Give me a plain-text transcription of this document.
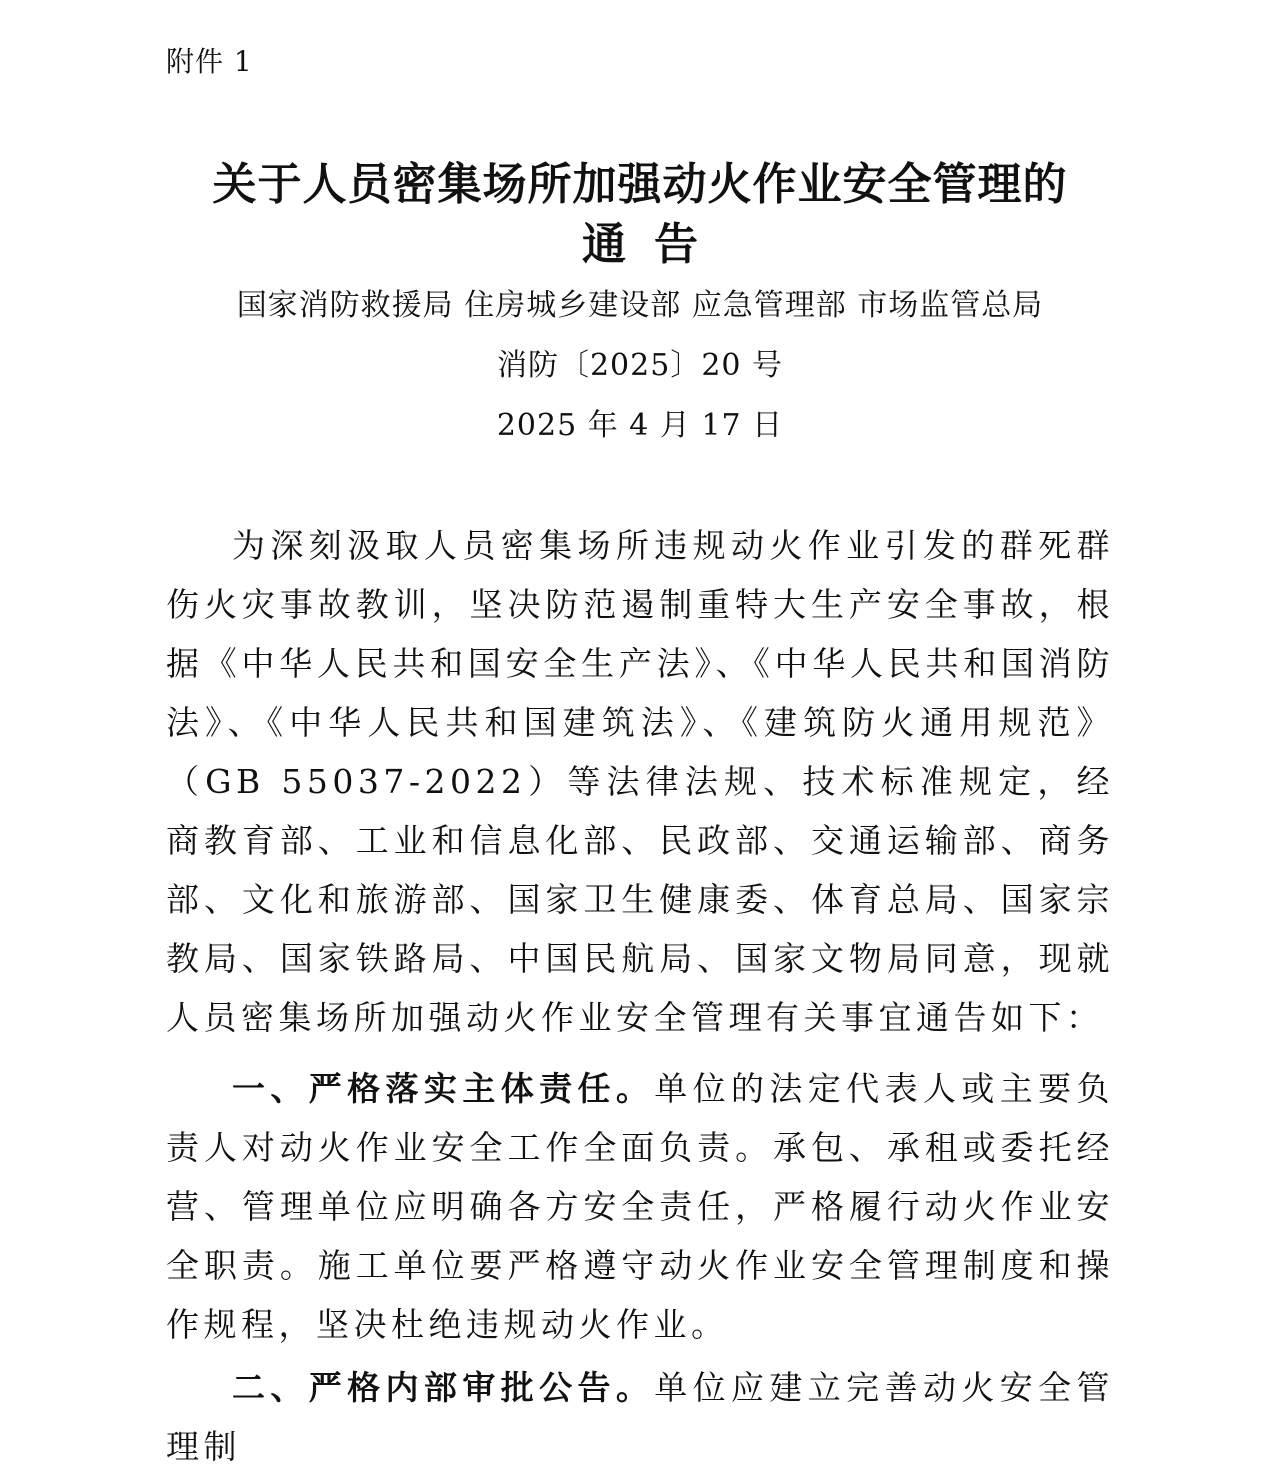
附件 1
关于人员密集场所加强动火作业安全管理的
通告
国家消防救援局 住房城乡建设部 应急管理部 市场监管总局
消防〔2025〕20 号
2025 年 4 月 17 日

为深刻汲取人员密集场所违规动火作业引发的群死群伤火灾事故教训，坚决防范遏制重特大生产安全事故，根据《中华人民共和国安全生产法》、《中华人民共和国消防法》、《中华人民共和国建筑法》、《建筑防火通用规范》（GB 55037-2022）等法律法规、技术标准规定，经商教育部、工业和信息化部、民政部、交通运输部、商务部、文化和旅游部、国家卫生健康委、体育总局、国家宗教局、国家铁路局、中国民航局、国家文物局同意，现就人员密集场所加强动火作业安全管理有关事宜通告如下：

一、严格落实主体责任。单位的法定代表人或主要负责人对动火作业安全工作全面负责。承包、承租或委托经营、管理单位应明确各方安全责任，严格履行动火作业安全职责。施工单位要严格遵守动火作业安全管理制度和操作规程，坚决杜绝违规动火作业。

二、严格内部审批公告。单位应建立完善动火安全管理制
